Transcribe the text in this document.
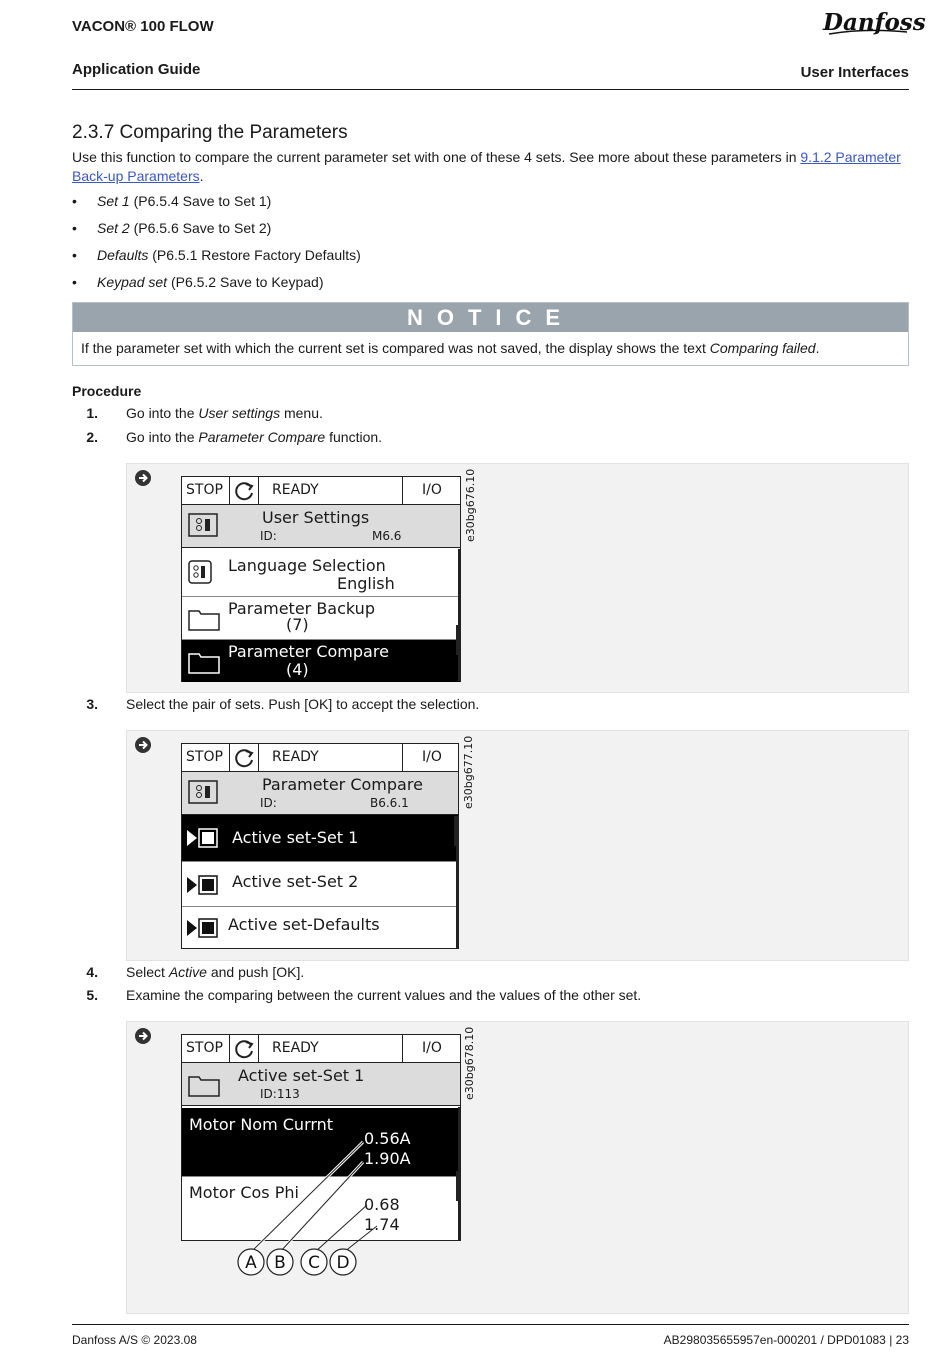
VACON® 100 FLOW
Application Guide	User Interfaces
Danfoss
2.3.7 Comparing the Parameters
Use this function to compare the current parameter set with one of these 4 sets. See more about these parameters in 9.1.2 Parameter Back-up Parameters.
• Set 1 (P6.5.4 Save to Set 1)
• Set 2 (P6.5.6 Save to Set 2)
• Defaults (P6.5.1 Restore Factory Defaults)
• Keypad set (P6.5.2 Save to Keypad)
NOTICE
If the parameter set with which the current set is compared was not saved, the display shows the text Comparing failed.
Procedure
1. Go into the User settings menu.
2. Go into the Parameter Compare function.
STOP	READY	I/O
User Settings
ID:	M6.6
Language Selection
English
Parameter Backup
(7)
Parameter Compare
(4)
e30bg676.10
3. Select the pair of sets. Push [OK] to accept the selection.
STOP	READY	I/O
Parameter Compare
ID:	B6.6.1
Active set-Set 1
Active set-Set 2
Active set-Defaults
e30bg677.10
4. Select Active and push [OK].
5. Examine the comparing between the current values and the values of the other set.
STOP	READY	I/O
Active set-Set 1
ID:113
Motor Nom Currnt
0.56A
1.90A
Motor Cos Phi
0.68
1.74
A B C D
e30bg678.10
Danfoss A/S © 2023.08	AB298035655957en-000201 / DPD01083 | 23
